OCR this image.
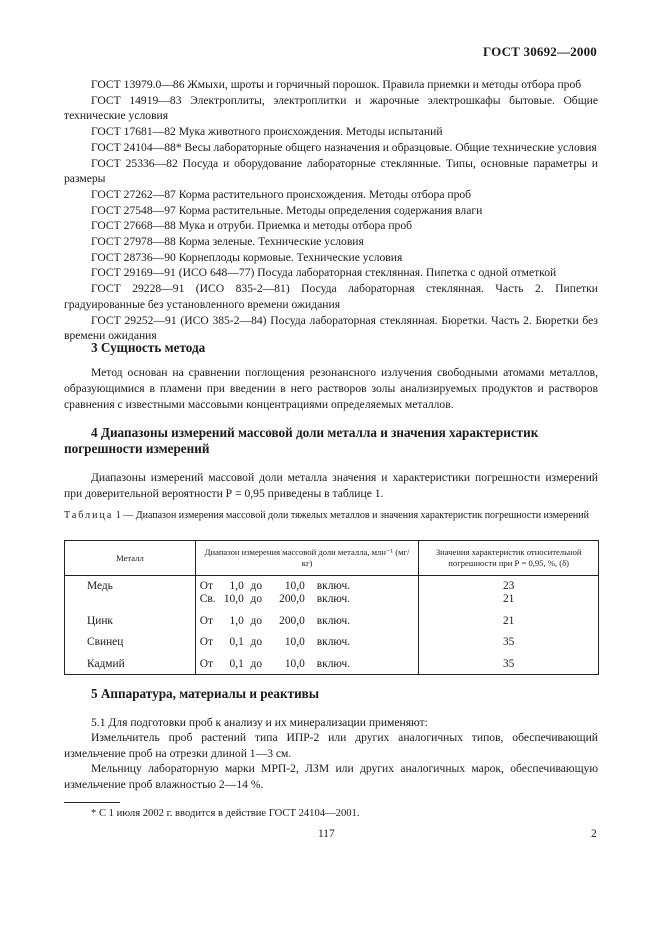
ГОСТ 30692—2000

ГОСТ 13979.0—86 Жмыхи, шроты и горчичный порошок. Правила приемки и методы отбора проб

ГОСТ 14919—83 Электроплиты, электроплитки и жарочные электрошкафы бытовые. Общие технические условия

ГОСТ 17681—82 Мука животного происхождения. Методы испытаний

ГОСТ 24104—88* Весы лабораторные общего назначения и образцовые. Общие технические условия

ГОСТ 25336—82 Посуда и оборудование лабораторные стеклянные. Типы, основные параметры и размеры

ГОСТ 27262—87 Корма растительного происхождения. Методы отбора проб

ГОСТ 27548—97 Корма растительные. Методы определения содержания влаги

ГОСТ 27668—88 Мука и отруби. Приемка и методы отбора проб

ГОСТ 27978—88 Корма зеленые. Технические условия

ГОСТ 28736—90 Корнеплоды кормовые. Технические условия

ГОСТ 29169—91 (ИСО 648—77) Посуда лабораторная стеклянная. Пипетка с одной отметкой

ГОСТ 29228—91 (ИСО 835-2—81) Посуда лабораторная стеклянная. Часть 2. Пипетки градуированные без установленного времени ожидания

ГОСТ 29252—91 (ИСО 385-2—84) Посуда лабораторная стеклянная. Бюретки. Часть 2. Бюретки без времени ожидания

3 Сущность метода

Метод основан на сравнении поглощения резонансного излучения свободными атомами металлов, образующимися в пламени при введении в него растворов золы анализируемых продуктов и растворов сравнения с известными массовыми концентрациями определяемых металлов.

4 Диапазоны измерений массовой доли металла и значения характеристик погрешности измерений

Диапазоны измерений массовой доли металла значения и характеристики погрешности измерений при доверительной вероятности Р = 0,95 приведены в таблице 1.

Таблица 1 — Диапазон измерения массовой доли тяжелых металлов и значения характеристик погрешности измерений

Металл	Диапазон измерения массовой доли металла, млн⁻¹ (мг/кг)	Значения характеристик относительной погрешности при Р = 0,95, %, (δ)
Медь	От 1,0 до 10,0 включ.	23
	Св. 10,0 до 200,0 включ.	21
Цинк	От 1,0 до 200,0 включ.	21
Свинец	От 0,1 до 10,0 включ.	35
Кадмий	От 0,1 до 10,0 включ.	35
5 Аппаратура, материалы и реактивы

5.1 Для подготовки проб к анализу и их минерализации применяют:

Измельчитель проб растений типа ИПР-2 или других аналогичных типов, обеспечивающий измельчение проб на отрезки длиной 1—3 см.

Мельницу лабораторную марки МРП-2, ЛЗМ или других аналогичных марок, обеспечивающую измельчение проб влажностью 2—14 %.

* С 1 июля 2002 г. вводится в действие ГОСТ 24104—2001.

117	2
